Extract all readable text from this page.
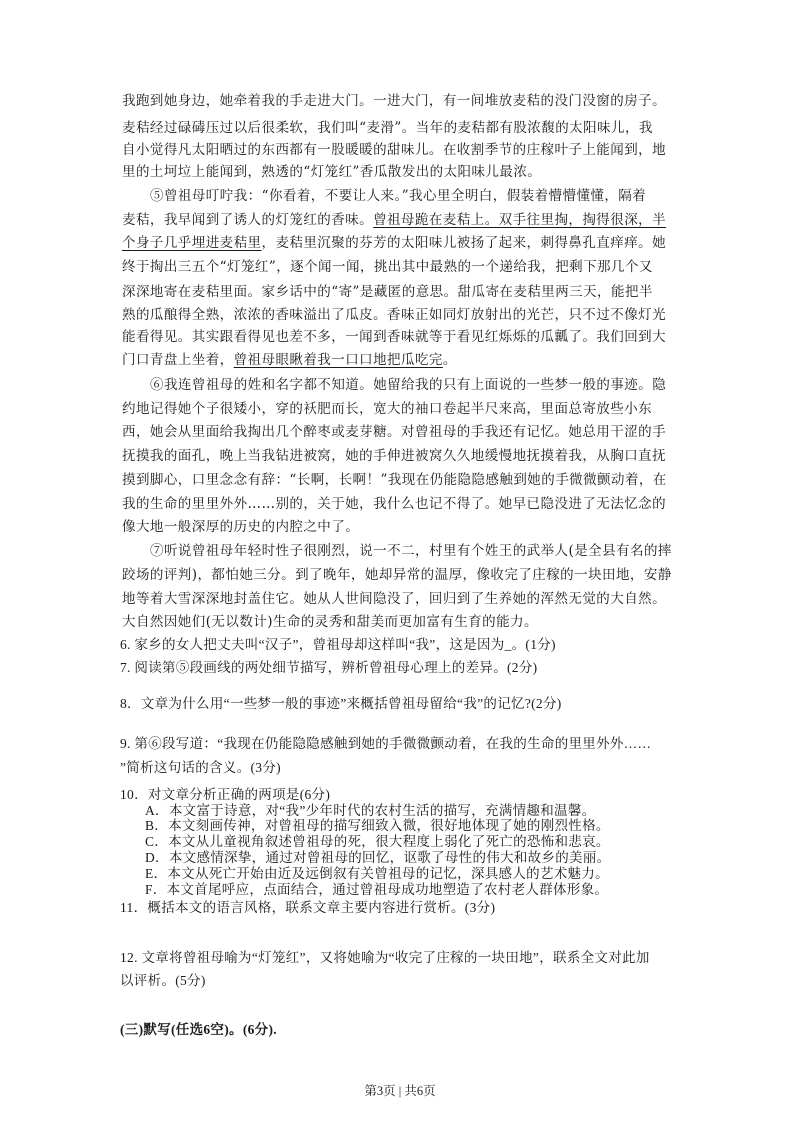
我跑到她身边，她牵着我的手走进大门。一进大门，有一间堆放麦秸的没门没窗的房子。
麦秸经过碌碡压过以后很柔软，我们叫“麦滑”。当年的麦秸都有股浓馥的太阳味儿，我
自小觉得凡太阳晒过的东西都有一股暖暖的甜味儿。在收割季节的庄稼叶子上能闻到，地
里的土坷垃上能闻到，熟透的“灯笼红”香瓜散发出的太阳味儿最浓。
⑤曾祖母叮咛我：“你看着，不要让人来。”我心里全明白，假装着懵懵懂懂，隔着
麦秸，我早闻到了诱人的灯笼红的香味。曾祖母跪在麦秸上。双手往里掏，掏得很深，半
个身子几乎埋进麦秸里，麦秸里沉聚的芬芳的太阳味儿被扬了起来，刺得鼻孔直痒痒。她
终于掏出三五个“灯笼红”，逐个闻一闻，挑出其中最熟的一个递给我，把剩下那几个又
深深地寄在麦秸里面。家乡话中的“寄”是藏匿的意思。甜瓜寄在麦秸里两三天，能把半
熟的瓜酿得全熟，浓浓的香味溢出了瓜皮。香味正如同灯放射出的光芒，只不过不像灯光
能看得见。其实跟看得见也差不多，一闻到香味就等于看见红烁烁的瓜瓤了。我们回到大
门口青盘上坐着，曾祖母眼瞅着我一口口地把瓜吃完。
⑥我连曾祖母的姓和名字都不知道。她留给我的只有上面说的一些梦一般的事迹。隐
约地记得她个子很矮小，穿的袄肥而长，宽大的袖口卷起半尺来高，里面总寄放些小东
西，她会从里面给我掏出几个醉枣或麦芽糖。对曾祖母的手我还有记忆。她总用干涩的手
抚摸我的面孔，晚上当我钻进被窝，她的手伸进被窝久久地缓慢地抚摸着我，从胸口直抚
摸到脚心，口里念念有辞：“长啊，长啊！”我现在仍能隐隐感触到她的手微微颤动着，在
我的生命的里里外外……别的，关于她，我什么也记不得了。她早已隐没进了无法忆念的
像大地一般深厚的历史的内腔之中了。
⑦听说曾祖母年轻时性子很刚烈，说一不二，村里有个姓王的武举人(是全县有名的摔
跤场的评判)，都怕她三分。到了晚年，她却异常的温厚，像收完了庄稼的一块田地，安静
地等着大雪深深地封盖住它。她从人世间隐没了，回归到了生养她的浑然无觉的大自然。
大自然因她们(无以数计)生命的灵秀和甜美而更加富有生育的能力。
6. 家乡的女人把丈夫叫“汉子”，曾祖母却这样叫“我”，这是因为_。(1分)
7. 阅读第⑤段画线的两处细节描写，辨析曾祖母心理上的差异。(2分)
8．文章为什么用“一些梦一般的事迹”来概括曾祖母留给“我”的记忆?(2分)
9. 第⑥段写道：“我现在仍能隐隐感触到她的手微微颤动着，在我的生命的里里外外……
”简析这句话的含义。(3分)
10．对文章分析正确的两项是(6分)
A．本文富于诗意，对“我”少年时代的农村生活的描写，充满情趣和温馨。
B．本文刻画传神，对曾祖母的描写细致入微，很好地体现了她的刚烈性格。
C．本文从儿童视角叙述曾祖母的死，很大程度上弱化了死亡的恐怖和悲哀。
D．本文感情深挚，通过对曾祖母的回忆，讴歌了母性的伟大和故乡的美丽。
E．本文从死亡开始由近及远倒叙有关曾祖母的记忆，深具感人的艺术魅力。
F．本文首尾呼应，点面结合，通过曾祖母成功地塑造了农村老人群体形象。
11．概括本文的语言风格，联系文章主要内容进行赏析。(3分)
12. 文章将曾祖母喻为“灯笼红”，又将她喻为“收完了庄稼的一块田地”，联系全文对此加
以评析。(5分)
(三)默写(任选6空)。(6分).
第3页 | 共6页
